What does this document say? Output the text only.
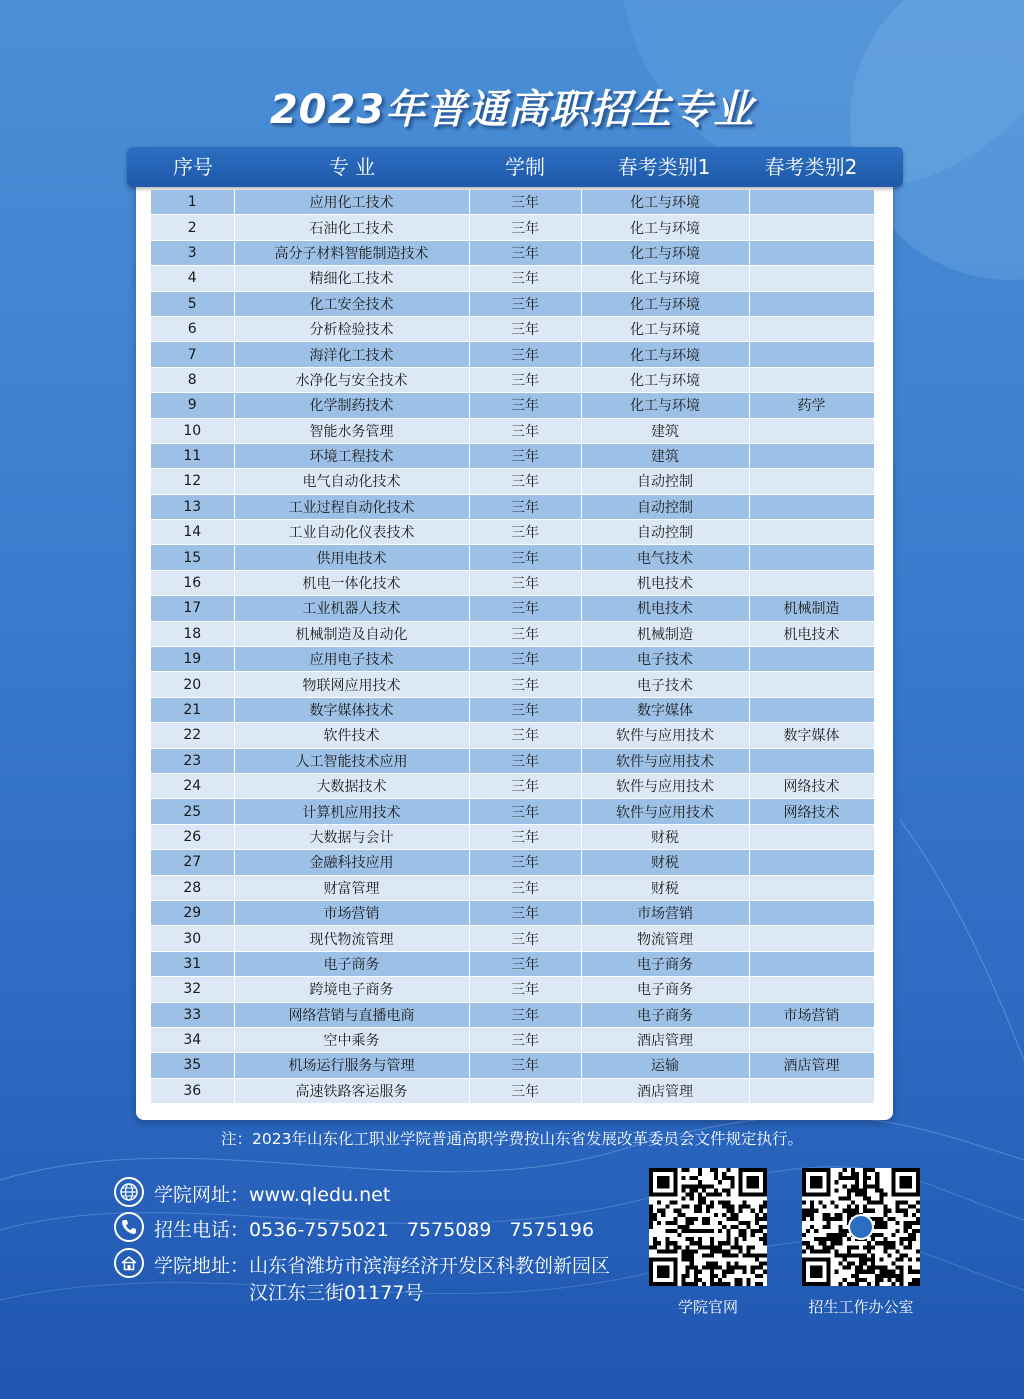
2023年普通高职招生专业
序号	专 业	学制	春考类别1	春考类别2
1	应用化工技术	三年	化工与环境	
2	石油化工技术	三年	化工与环境	
3	高分子材料智能制造技术	三年	化工与环境	
4	精细化工技术	三年	化工与环境	
5	化工安全技术	三年	化工与环境	
6	分析检验技术	三年	化工与环境	
7	海洋化工技术	三年	化工与环境	
8	水净化与安全技术	三年	化工与环境	
9	化学制药技术	三年	化工与环境	药学
10	智能水务管理	三年	建筑	
11	环境工程技术	三年	建筑	
12	电气自动化技术	三年	自动控制	
13	工业过程自动化技术	三年	自动控制	
14	工业自动化仪表技术	三年	自动控制	
15	供用电技术	三年	电气技术	
16	机电一体化技术	三年	机电技术	
17	工业机器人技术	三年	机电技术	机械制造
18	机械制造及自动化	三年	机械制造	机电技术
19	应用电子技术	三年	电子技术	
20	物联网应用技术	三年	电子技术	
21	数字媒体技术	三年	数字媒体	
22	软件技术	三年	软件与应用技术	数字媒体
23	人工智能技术应用	三年	软件与应用技术	
24	大数据技术	三年	软件与应用技术	网络技术
25	计算机应用技术	三年	软件与应用技术	网络技术
26	大数据与会计	三年	财税	
27	金融科技应用	三年	财税	
28	财富管理	三年	财税	
29	市场营销	三年	市场营销	
30	现代物流管理	三年	物流管理	
31	电子商务	三年	电子商务	
32	跨境电子商务	三年	电子商务	
33	网络营销与直播电商	三年	电子商务	市场营销
34	空中乘务	三年	酒店管理	
35	机场运行服务与管理	三年	运输	酒店管理
36	高速铁路客运服务	三年	酒店管理	
注：2023年山东化工职业学院普通高职学费按山东省发展改革委员会文件规定执行。
学院网址：www.qledu.net
招生电话：0536-7575021 7575089 7575196
学院地址：山东省潍坊市滨海经济开发区科教创新园区
汉江东三街01177号
学院官网	招生工作办公室
